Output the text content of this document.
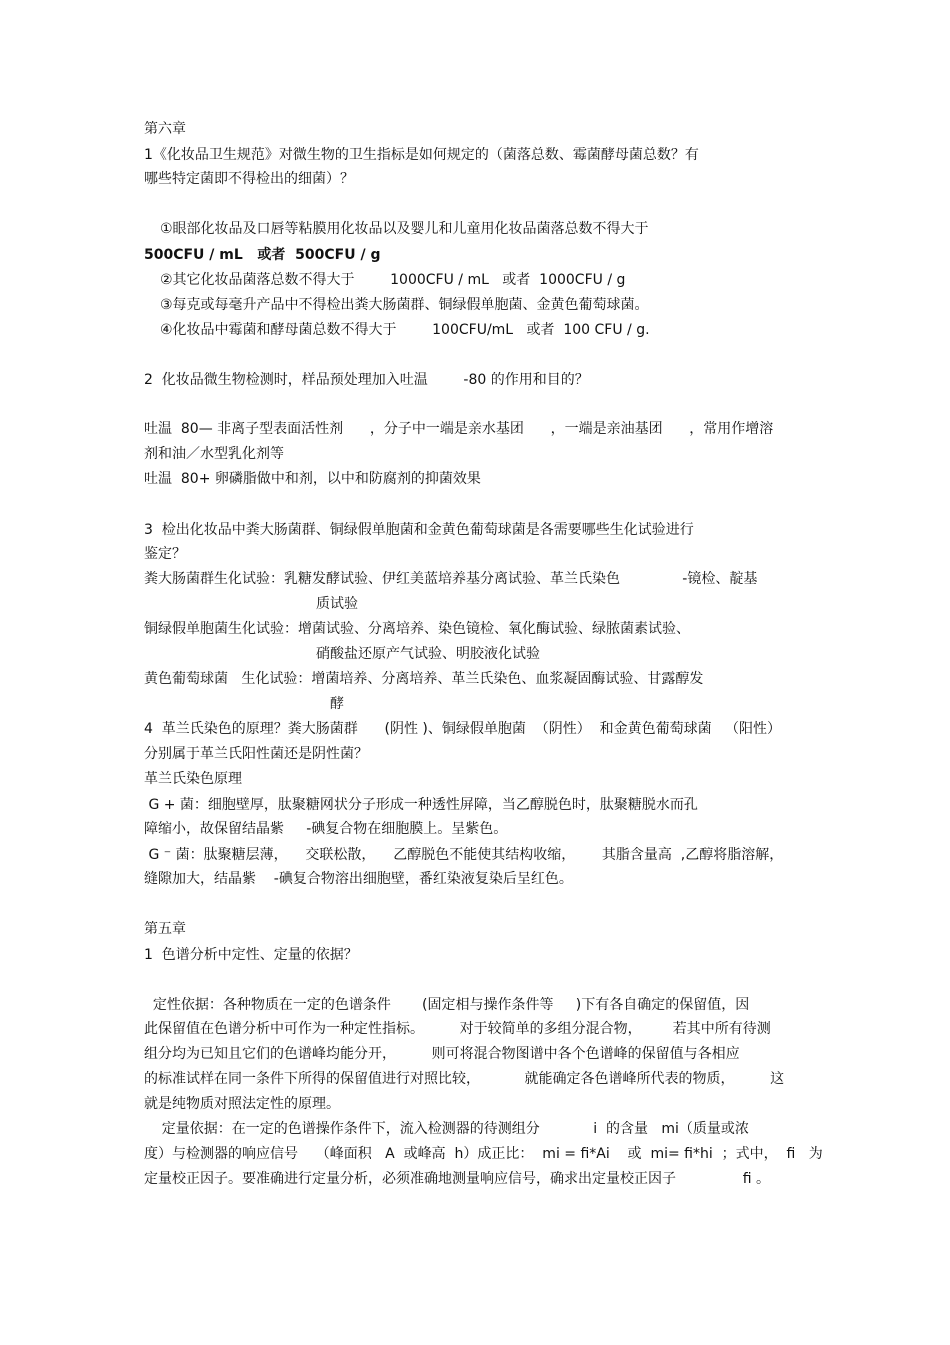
第六章
1《化妆品卫生规范》对微生物的卫生指标是如何规定的（菌落总数、霉菌酵母菌总数？有
哪些特定菌即不得检出的细菌）？
①眼部化妆品及口唇等粘膜用化妆品以及婴儿和儿童用化妆品菌落总数不得大于
500CFU / mL   或者  500CFU / g
②其它化妆品菌落总数不得大于        1000CFU / mL   或者  1000CFU / g
③每克或每毫升产品中不得检出粪大肠菌群、铜绿假单胞菌、金黄色葡萄球菌。
④化妆品中霉菌和酵母菌总数不得大于        100CFU/mL   或者  100 CFU / g.
2  化妆品微生物检测时，样品预处理加入吐温        -80 的作用和目的？
吐温  80— 非离子型表面活性剂      ，分子中一端是亲水基团      ，一端是亲油基团      ，常用作增溶
剂和油／水型乳化剂等
吐温  80+ 卵磷脂做中和剂，以中和防腐剂的抑菌效果
3  检出化妆品中粪大肠菌群、铜绿假单胞菌和金黄色葡萄球菌是各需要哪些生化试验进行
鉴定？
粪大肠菌群生化试验：乳糖发酵试验、伊红美蓝培养基分离试验、革兰氏染色              -镜检、靛基
质试验
铜绿假单胞菌生化试验：增菌试验、分离培养、染色镜检、氧化酶试验、绿脓菌素试验、
硝酸盐还原产气试验、明胶液化试验
黄色葡萄球菌   生化试验：增菌培养、分离培养、革兰氏染色、血浆凝固酶试验、甘露醇发
酵
4  革兰氏染色的原理？粪大肠菌群      (阴性 )、铜绿假单胞菌  （阴性）  和金黄色葡萄球菌   （阳性）
分别属于革兰氏阳性菌还是阴性菌？
革兰氏染色原理
G + 菌：细胞壁厚，肽聚糖网状分子形成一种透性屏障，当乙醇脱色时，肽聚糖脱水而孔
障缩小，故保留结晶紫     -碘复合物在细胞膜上。呈紫色。
G ⁻ 菌：肽聚糖层薄，    交联松散，    乙醇脱色不能使其结构收缩，      其脂含量高  ,乙醇将脂溶解，
缝隙加大，结晶紫    -碘复合物溶出细胞壁，番红染液复染后呈红色。
第五章
1  色谱分析中定性、定量的依据？
定性依据：各种物质在一定的色谱条件       (固定相与操作条件等     )下有各自确定的保留值，因
此保留值在色谱分析中可作为一种定性指标。        对于较简单的多组分混合物，       若其中所有待测
组分均为已知且它们的色谱峰均能分开，        则可将混合物图谱中各个色谱峰的保留值与各相应
的标准试样在同一条件下所得的保留值进行对照比较，          就能确定各色谱峰所代表的物质，        这
就是纯物质对照法定性的原理。
定量依据：在一定的色谱操作条件下，流入检测器的待测组分            i  的含量   mi（质量或浓
度）与检测器的响应信号    （峰面积   A  或峰高  h）成正比：  mi = fi*Ai    或  mi= fi*hi  ；式中，  fi   为
定量校正因子。要准确进行定量分析，必须准确地测量响应信号，确求出定量校正因子               fi 。
